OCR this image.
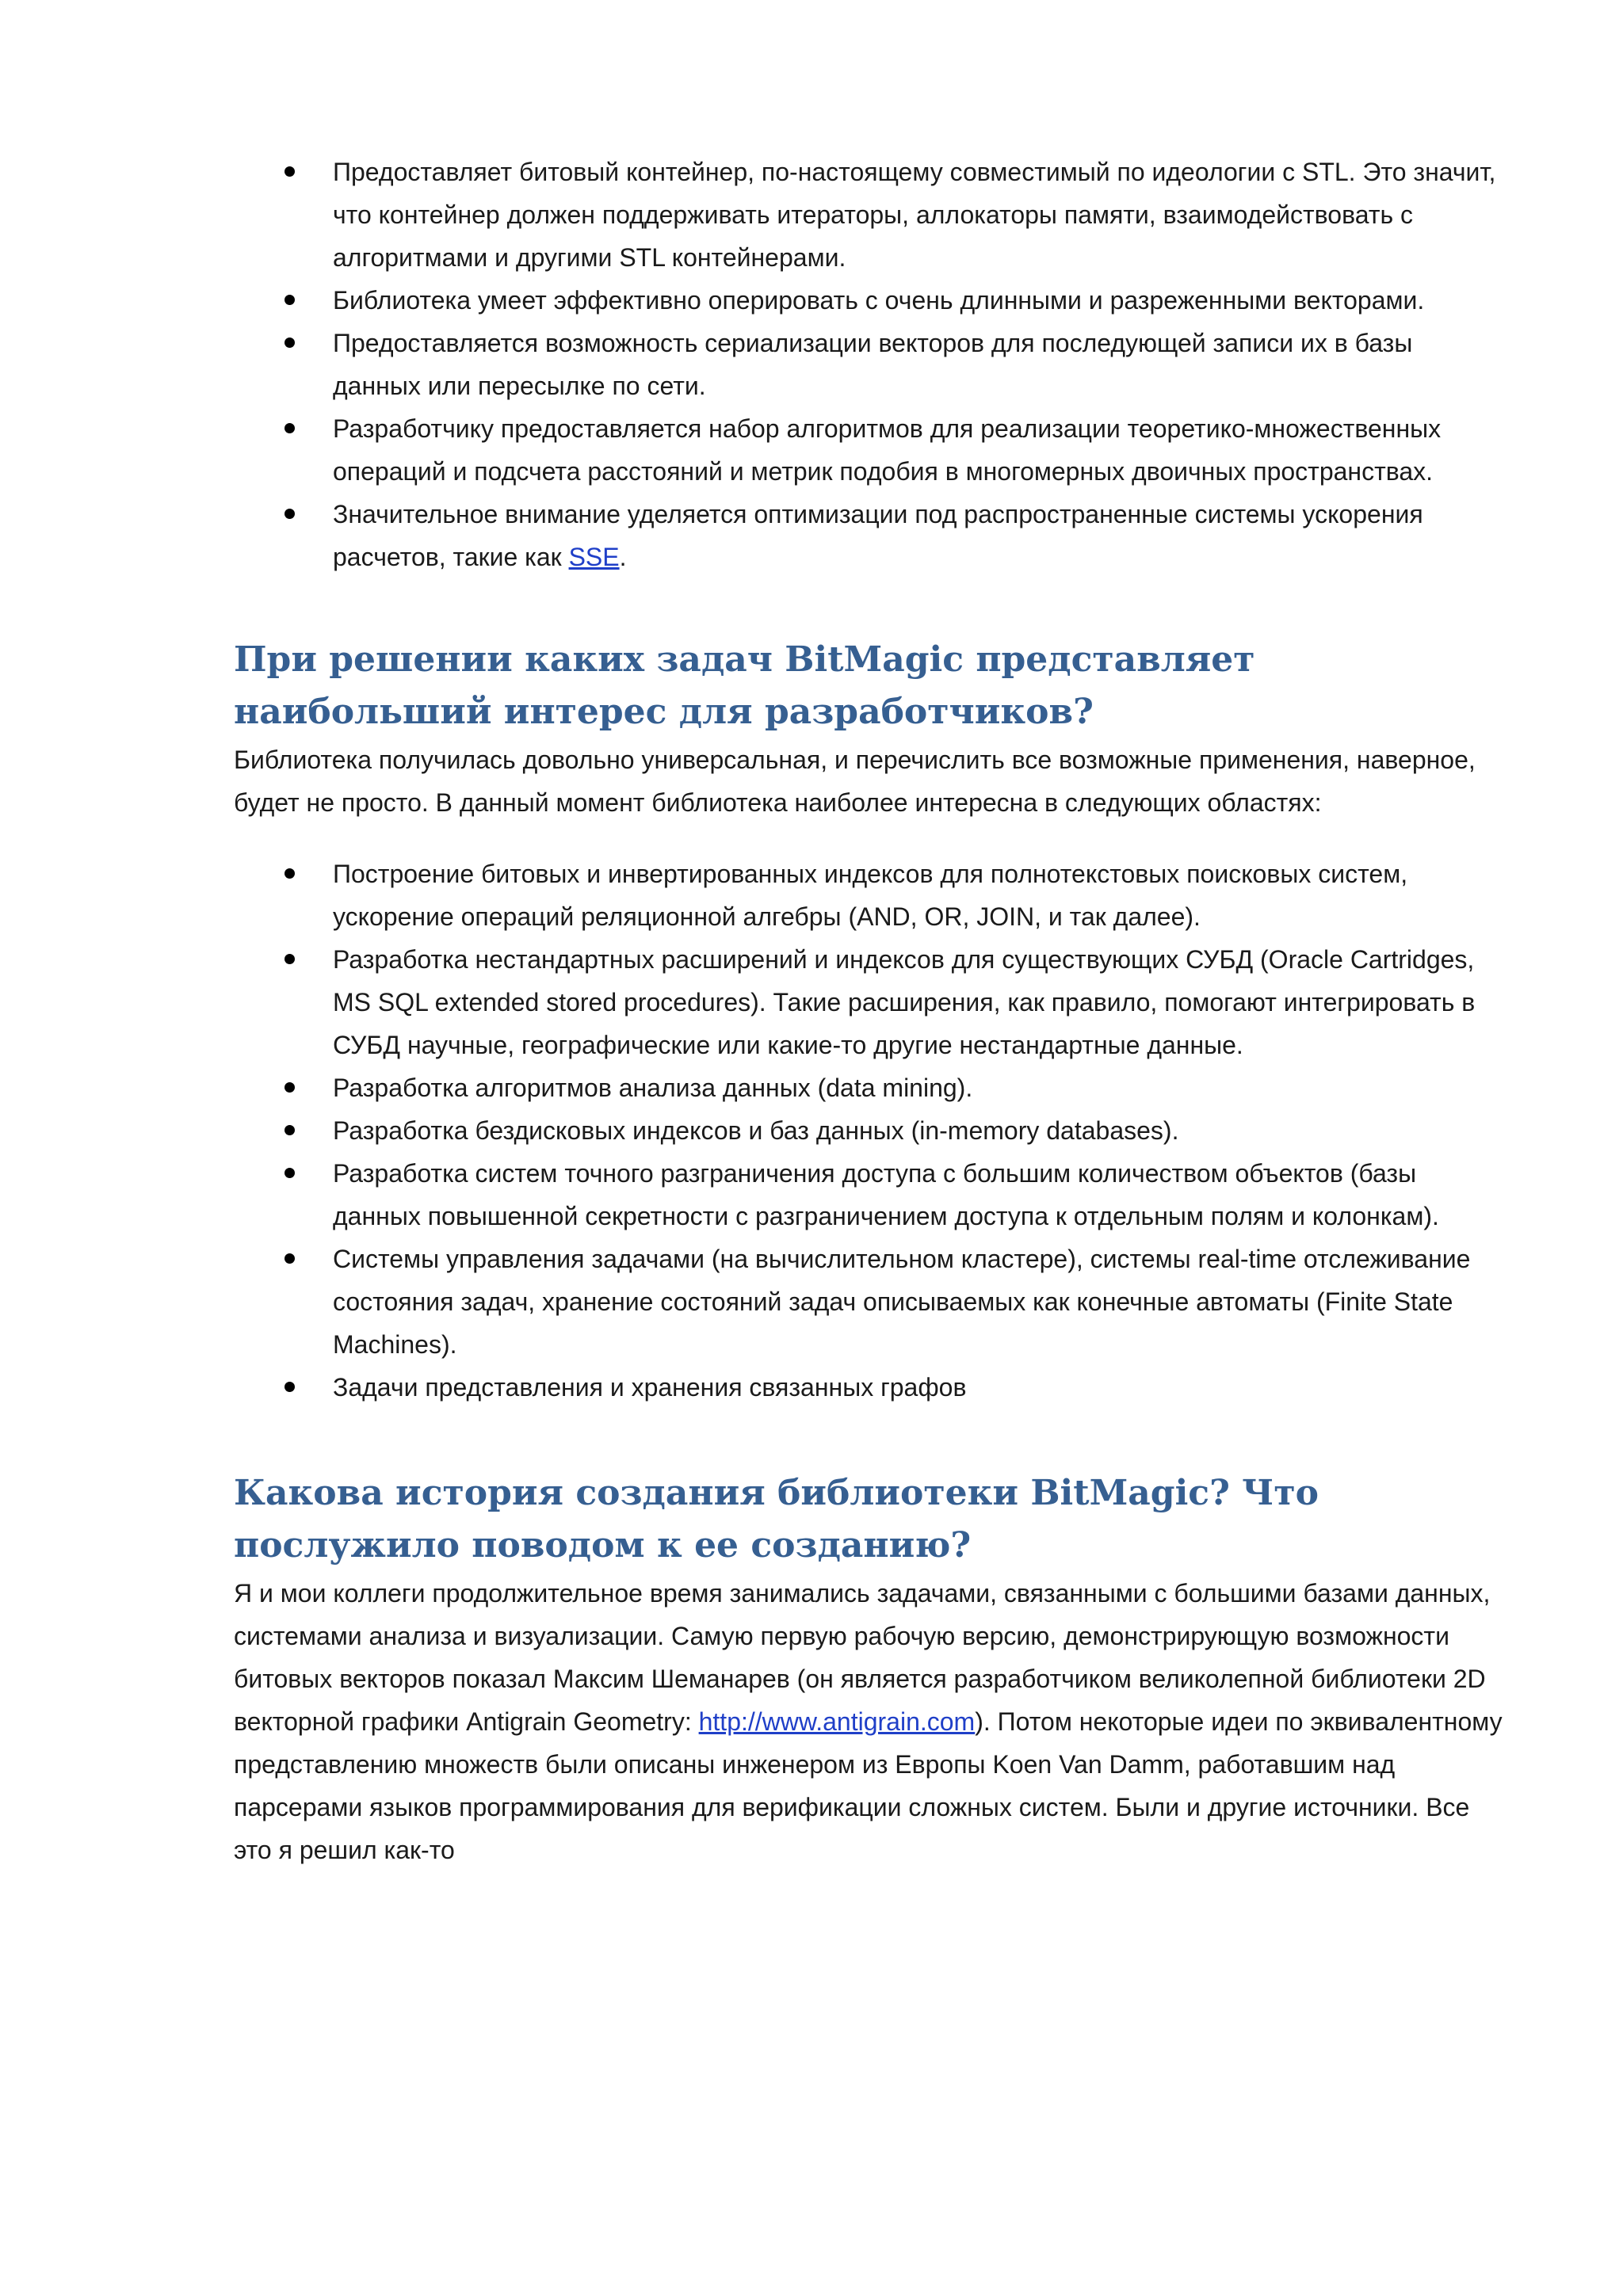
Предоставляет битовый контейнер, по-настоящему совместимый по идеологии с STL. Это значит, что контейнер должен поддерживать итераторы, аллокаторы памяти, взаимодействовать с алгоритмами и другими STL контейнерами.
Библиотека умеет эффективно оперировать с очень длинными и разреженными векторами.
Предоставляется возможность сериализации векторов для последующей записи их в базы данных или пересылке по сети.
Разработчику предоставляется набор алгоритмов для реализации теоретико-множественных операций и подсчета расстояний и метрик подобия в многомерных двоичных пространствах.
Значительное внимание уделяется оптимизации под распространенные системы ускорения расчетов, такие как SSE.
При решении каких задач BitMagic представляет наибольший интерес для разработчиков?

Библиотека получилась довольно универсальная, и перечислить все возможные применения, наверное, будет не просто. В данный момент библиотека наиболее интересна в следующих областях:

Построение битовых и инвертированных индексов для полнотекстовых поисковых систем, ускорение операций реляционной алгебры (AND, OR, JOIN, и так далее).
Разработка нестандартных расширений и индексов для существующих СУБД (Oracle Cartridges, MS SQL extended stored procedures). Такие расширения, как правило, помогают интегрировать в СУБД научные, географические или какие-то другие нестандартные данные.
Разработка алгоритмов анализа данных (data mining).
Разработка бездисковых индексов и баз данных (in-memory databases).
Разработка систем точного разграничения доступа с большим количеством объектов (базы данных повышенной секретности с разграничением доступа к отдельным полям и колонкам).
Системы управления задачами (на вычислительном кластере), системы real-time отслеживание состояния задач, хранение состояний задач описываемых как конечные автоматы (Finite State Machines).
Задачи представления и хранения связанных графов
Какова история создания библиотеки BitMagic? Что послужило поводом к ее созданию?

Я и мои коллеги продолжительное время занимались задачами, связанными с большими базами данных, системами анализа и визуализации. Самую первую рабочую версию, демонстрирующую возможности битовых векторов показал Максим Шеманарев (он является разработчиком великолепной библиотеки 2D векторной графики Antigrain Geometry: http://www.antigrain.com). Потом некоторые идеи по эквивалентному представлению множеств были описаны инженером из Европы Koen Van Damm, работавшим над парсерами языков программирования для верификации сложных систем. Были и другие источники. Все это я решил как-то
